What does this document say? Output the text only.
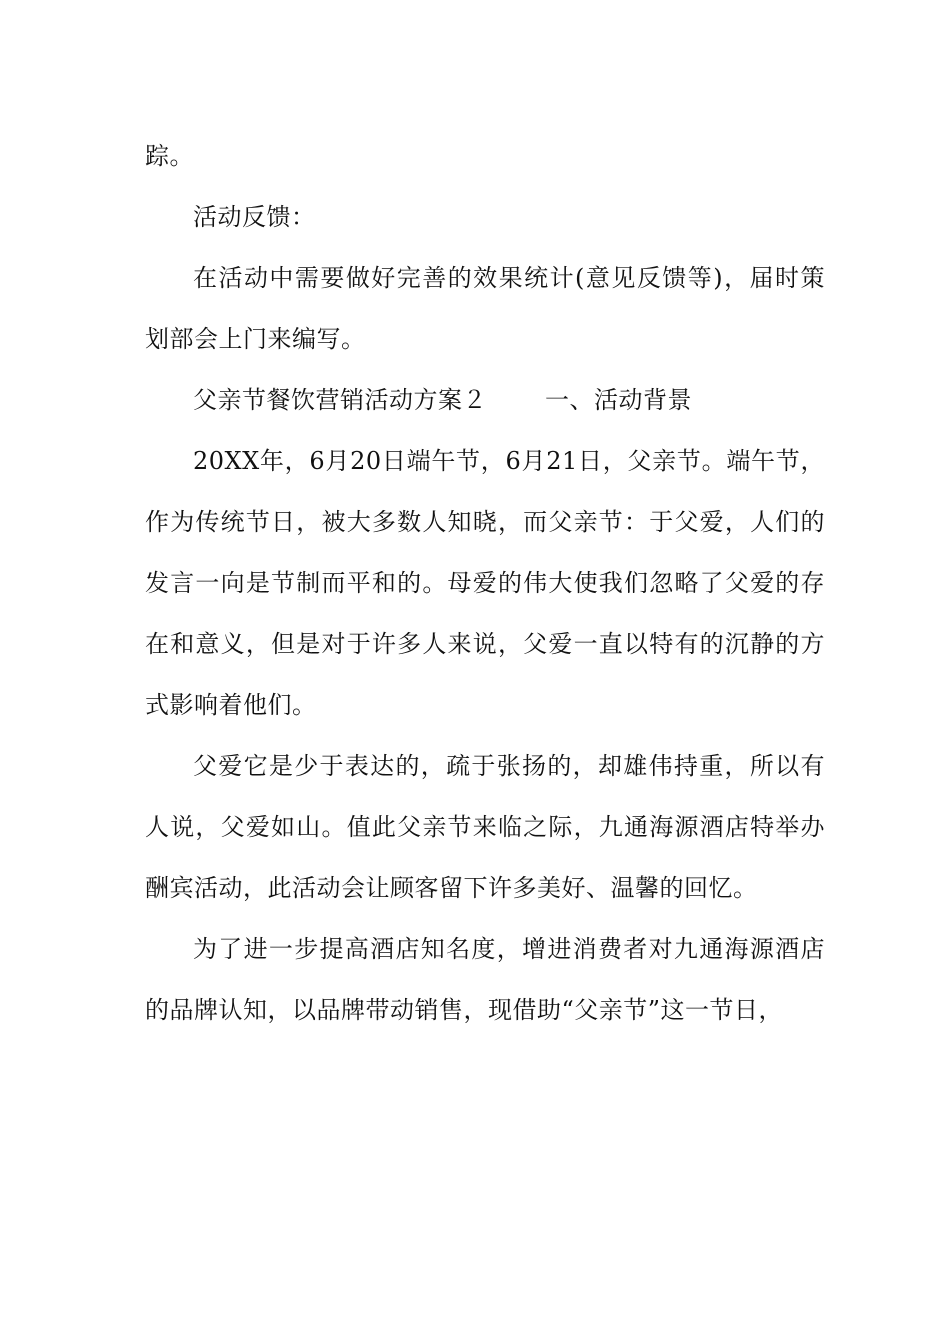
踪。

活动反馈：

在活动中需要做好完善的效果统计(意见反馈等)，届时策划部会上门来编写。

父亲节餐饮营销活动方案２ 一、活动背景

20XX年，6月20日端午节，6月21日，父亲节。端午节，作为传统节日，被大多数人知晓，而父亲节：于父爱，人们的发言一向是节制而平和的。母爱的伟大使我们忽略了父爱的存在和意义，但是对于许多人来说，父爱一直以特有的沉静的方式影响着他们。

父爱它是少于表达的，疏于张扬的，却雄伟持重，所以有人说，父爱如山。值此父亲节来临之际，九通海源酒店特举办酬宾活动，此活动会让顾客留下许多美好、温馨的回忆。

为了进一步提高酒店知名度，增进消费者对九通海源酒店的品牌认知，以品牌带动销售，现借助“父亲节”这一节日，
